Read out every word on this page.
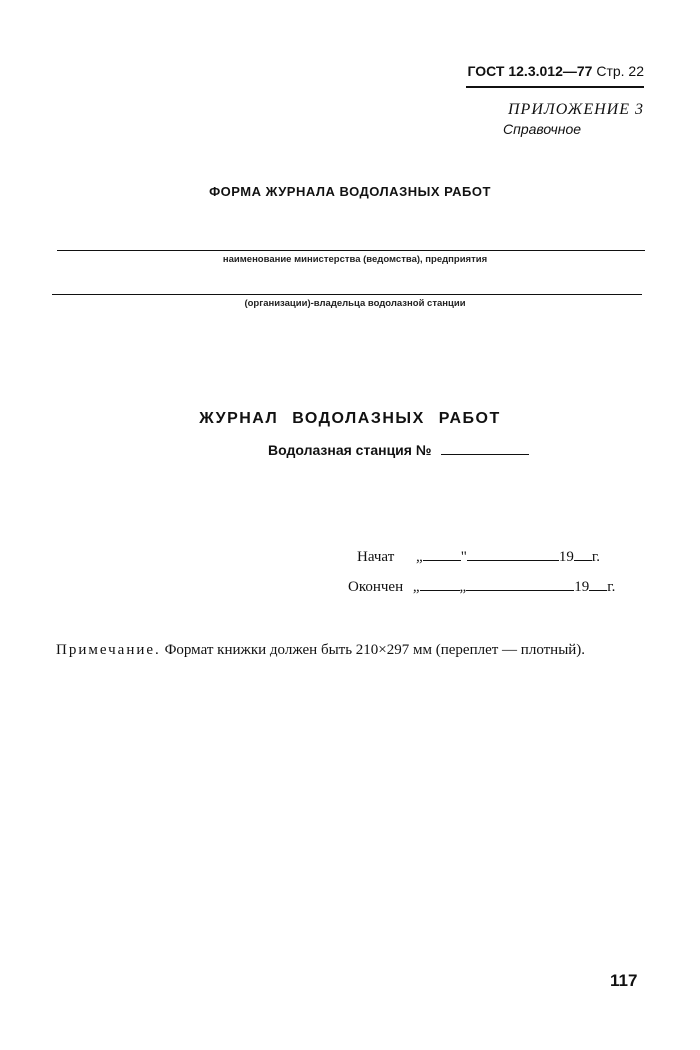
ГОСТ 12.3.012—77 Стр. 22
ПРИЛОЖЕНИЕ 3
Справочное
ФОРМА ЖУРНАЛА ВОДОЛАЗНЫХ РАБОТ
наименование министерства (ведомства), предприятия
(организации)-владельца водолазной станции
ЖУРНАЛ ВОДОЛАЗНЫХ РАБОТ
Водолазная станция №
Начат „	"	19 г.
Окончен „	„	19 г.
Примечание. Формат книжки должен быть 210×297 мм (переплет — плотный).
117
